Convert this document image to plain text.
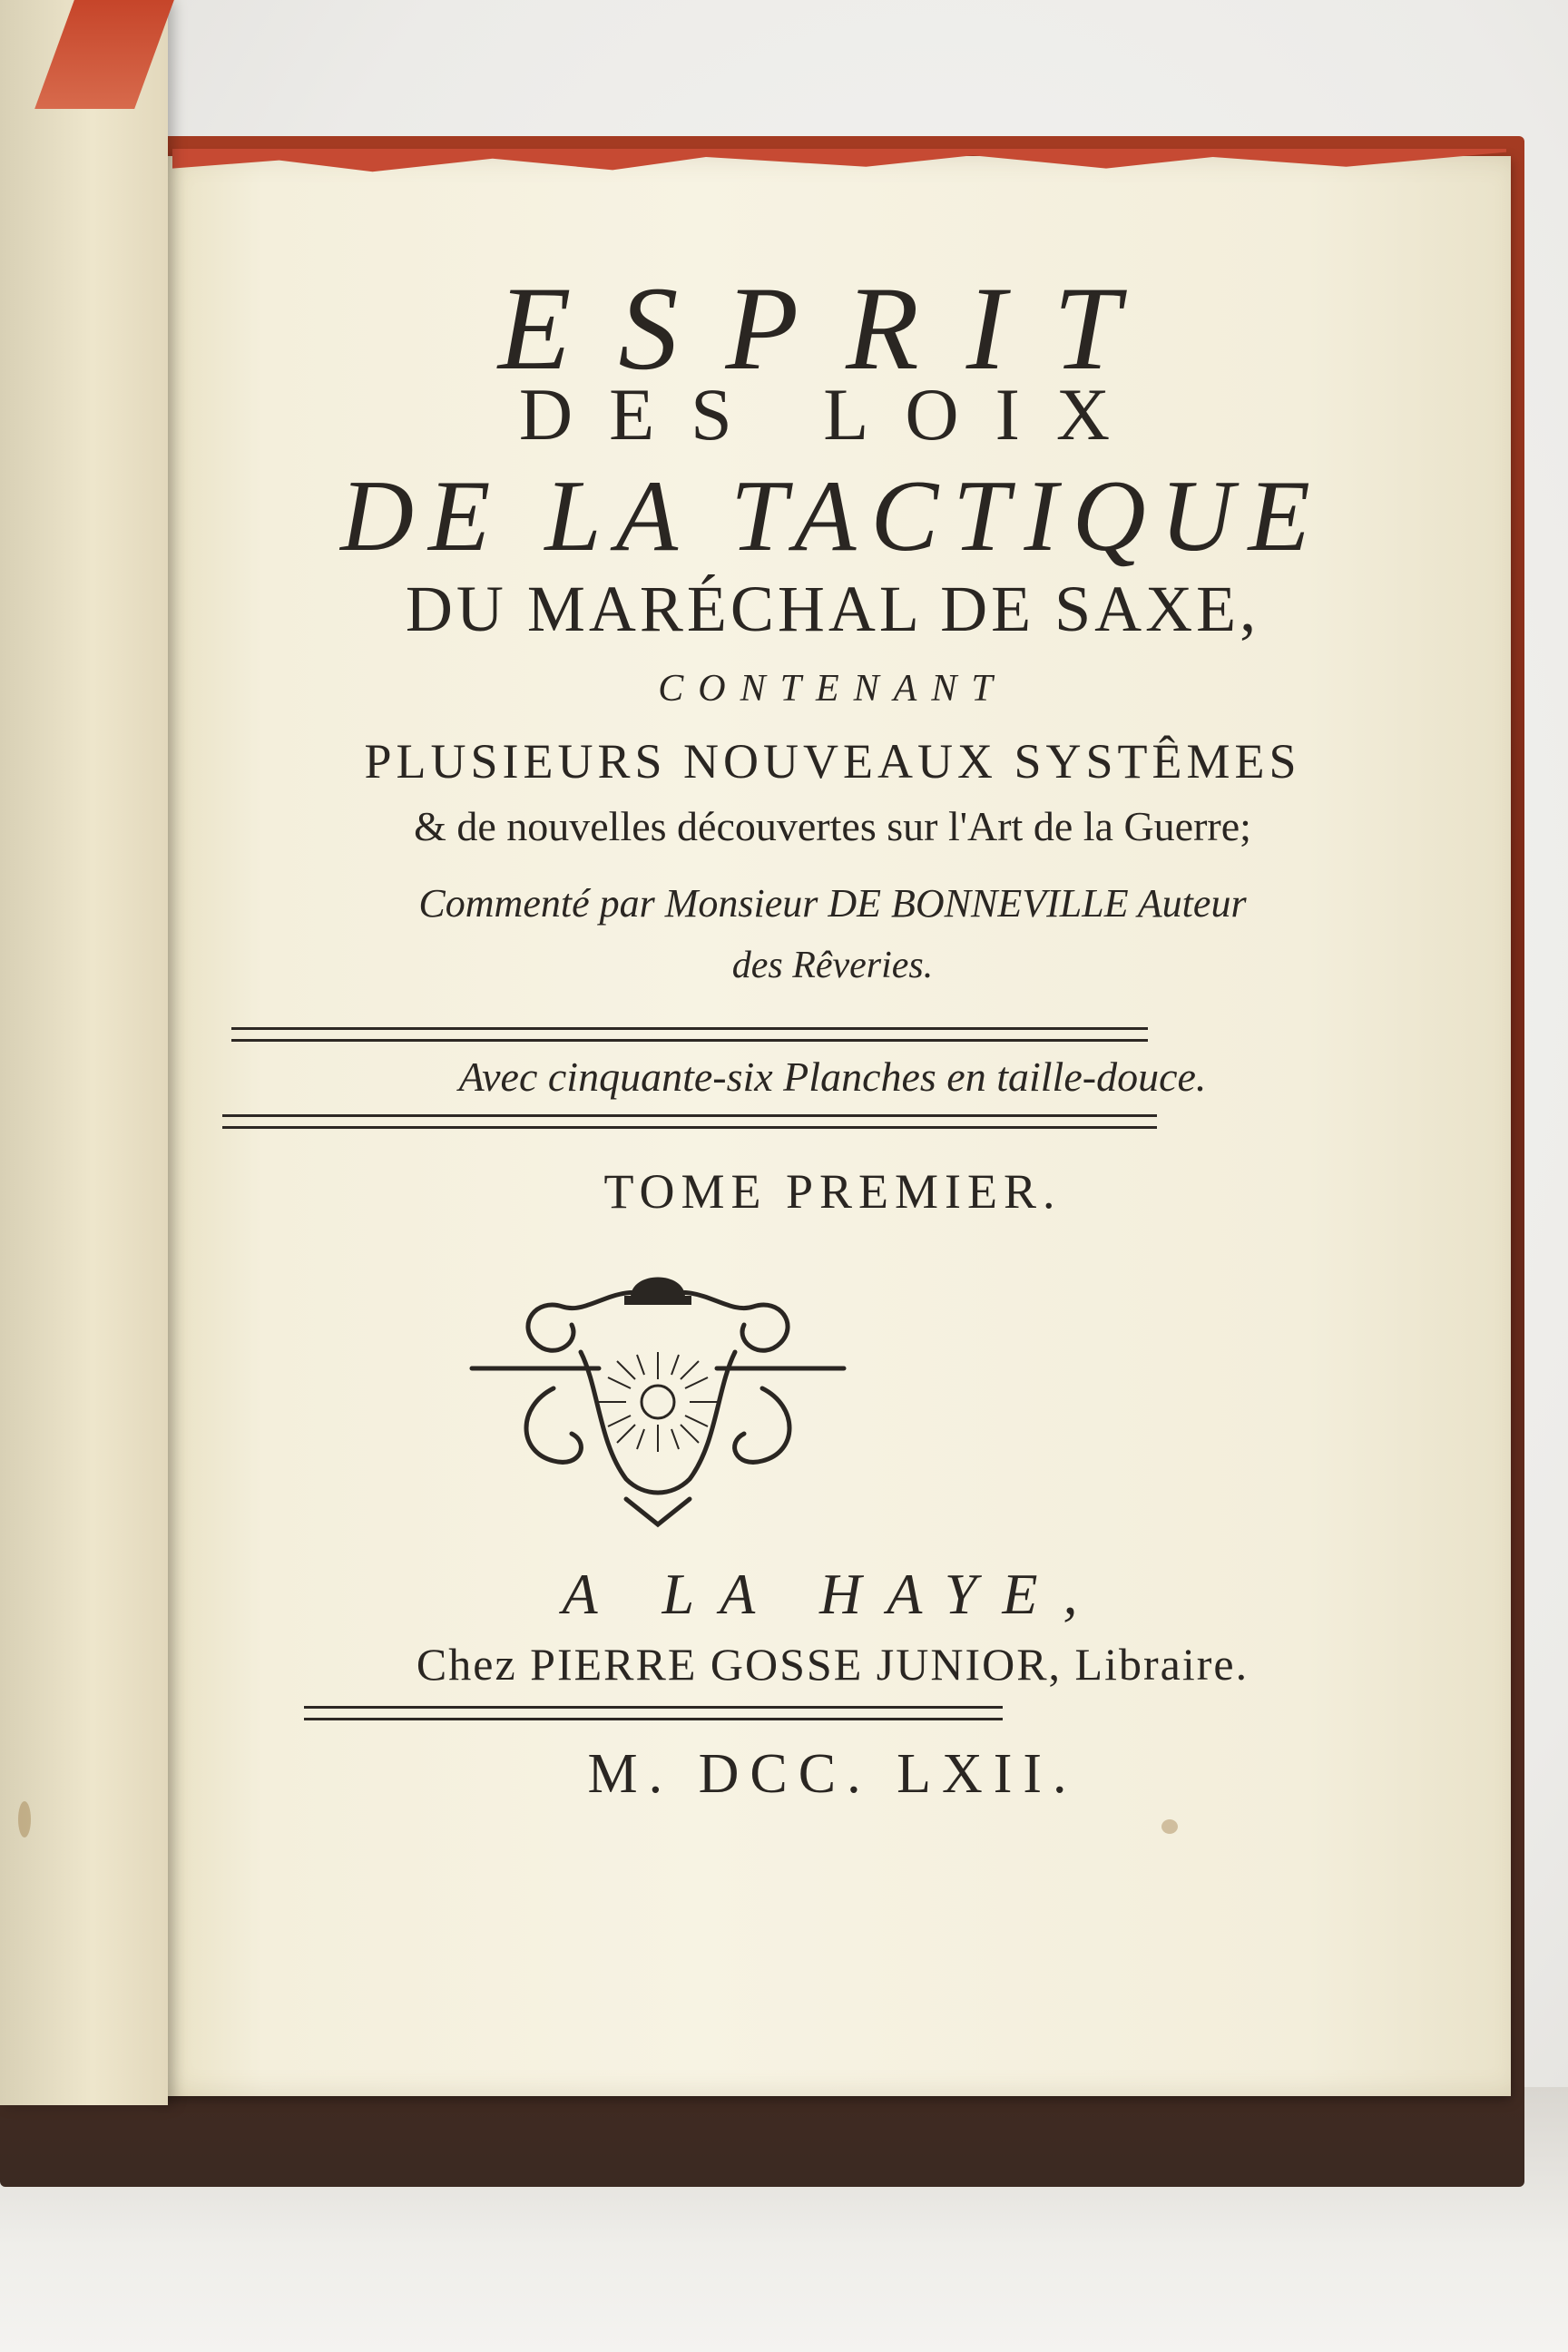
ESPRIT
DES LOIX
DE LA TACTIQUE
DU MARÉCHAL DE SAXE,
CONTENANT
PLUSIEURS NOUVEAUX SYSTÊMES
& de nouvelles découvertes sur l'Art de la Guerre;
Commenté par Monsieur DE BONNEVILLE Auteur
des Rêveries.
Avec cinquante-six Planches en taille-douce.
TOME PREMIER.
A LA HAYE,
Chez PIERRE GOSSE JUNIOR, Libraire.
M. DCC. LXII.
